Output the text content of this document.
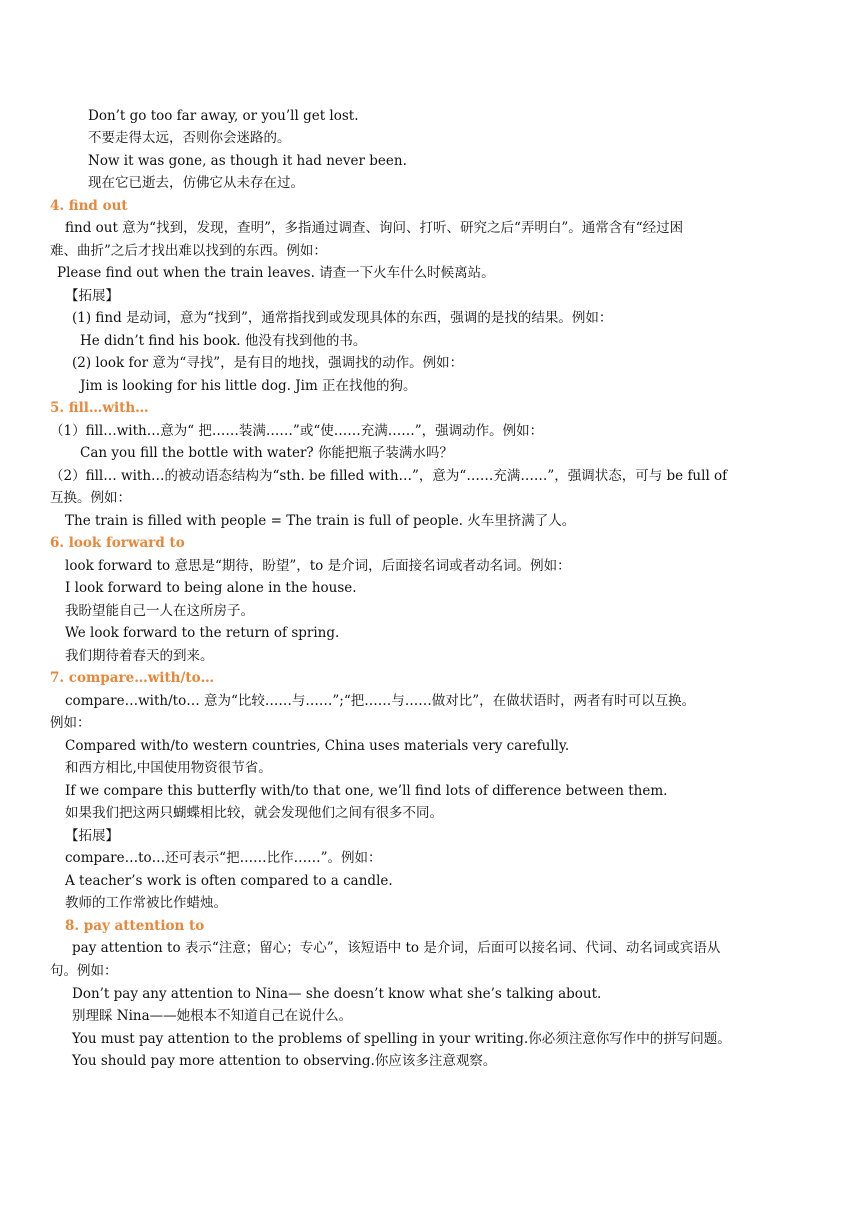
Don’t go too far away, or you’ll get lost.
不要走得太远，否则你会迷路的。
Now it was gone, as though it had never been.
现在它已逝去，仿佛它从未存在过。
4. find out
find out 意为“找到，发现，查明”，多指通过调查、询问、打听、研究之后“弄明白”。通常含有“经过困
难、曲折”之后才找出难以找到的东西。例如：
Please find out when the train leaves. 请查一下火车什么时候离站。
【拓展】
(1) find 是动词，意为“找到”，通常指找到或发现具体的东西，强调的是找的结果。例如：
He didn’t find his book. 他没有找到他的书。
(2) look for 意为“寻找”，是有目的地找，强调找的动作。例如：
Jim is looking for his little dog. Jim 正在找他的狗。
5. fill…with…
（1）fill…with…意为“ 把……装满……”或“使……充满……”，强调动作。例如：
Can you fill the bottle with water? 你能把瓶子装满水吗？
（2）fill… with…的被动语态结构为“sth. be filled with…”，意为“……充满……”，强调状态，可与 be full of
互换。例如：
The train is filled with people = The train is full of people. 火车里挤满了人。
6. look forward to
look forward to 意思是“期待，盼望”，to 是介词，后面接名词或者动名词。例如：
I look forward to being alone in the house.
我盼望能自己一人在这所房子。
We look forward to the return of spring.
我们期待着春天的到来。
7. compare…with/to…
compare…with/to… 意为“比较……与……”;“把……与……做对比”，在做状语时，两者有时可以互换。
例如：
Compared with/to western countries, China uses materials very carefully.
和西方相比,中国使用物资很节省。
If we compare this butterfly with/to that one, we’ll find lots of difference between them.
如果我们把这两只蝴蝶相比较，就会发现他们之间有很多不同。
【拓展】
compare…to…还可表示“把……比作……”。例如：
A teacher’s work is often compared to a candle.
教师的工作常被比作蜡烛。
8. pay attention to
pay attention to 表示“注意；留心；专心”，该短语中 to 是介词，后面可以接名词、代词、动名词或宾语从
句。例如：
Don’t pay any attention to Nina— she doesn’t know what she’s talking about.
别理睬 Nina——她根本不知道自己在说什么。
You must pay attention to the problems of spelling in your writing.你必须注意你写作中的拼写问题。
You should pay more attention to observing.你应该多注意观察。
